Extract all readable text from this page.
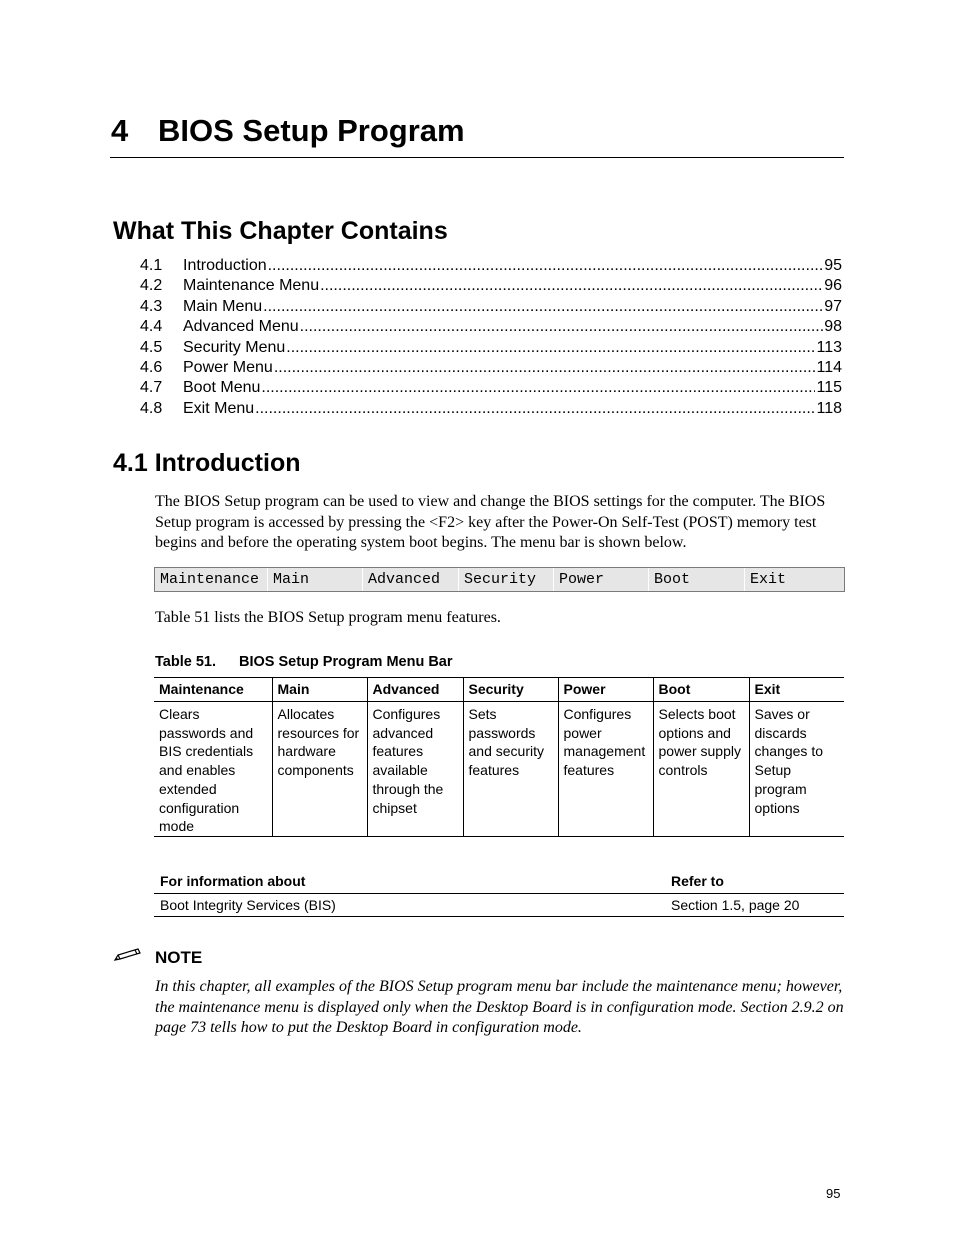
4 BIOS Setup Program
What This Chapter Contains
4.1	Introduction .....	95
4.2	Maintenance Menu .....	96
4.3	Main Menu .....	97
4.4	Advanced Menu .....	98
4.5	Security Menu .....	113
4.6	Power Menu .....	114
4.7	Boot Menu .....	115
4.8	Exit Menu .....	118
4.1 Introduction

The BIOS Setup program can be used to view and change the BIOS settings for the computer. The BIOS Setup program is accessed by pressing the <F2> key after the Power-On Self-Test (POST) memory test begins and before the operating system boot begins. The menu bar is shown below.

Maintenance Main	Advanced	Security	Power	Boot	Exit

Table 51 lists the BIOS Setup program menu features.

Table 51. BIOS Setup Program Menu Bar

Maintenance	Main	Advanced	Security	Power	Boot	Exit
Clears passwords and BIS credentials and enables extended configuration mode	Allocates resources for hardware components	Configures advanced features available through the chipset	Sets passwords and security features	Configures power management features	Selects boot options and power supply controls	Saves or discards changes to Setup program options
For information about	Refer to
Boot Integrity Services (BIS)	Section 1.5, page 20
NOTE

In this chapter, all examples of the BIOS Setup program menu bar include the maintenance menu; however, the maintenance menu is displayed only when the Desktop Board is in configuration mode. Section 2.9.2 on page 73 tells how to put the Desktop Board in configuration mode.

95
